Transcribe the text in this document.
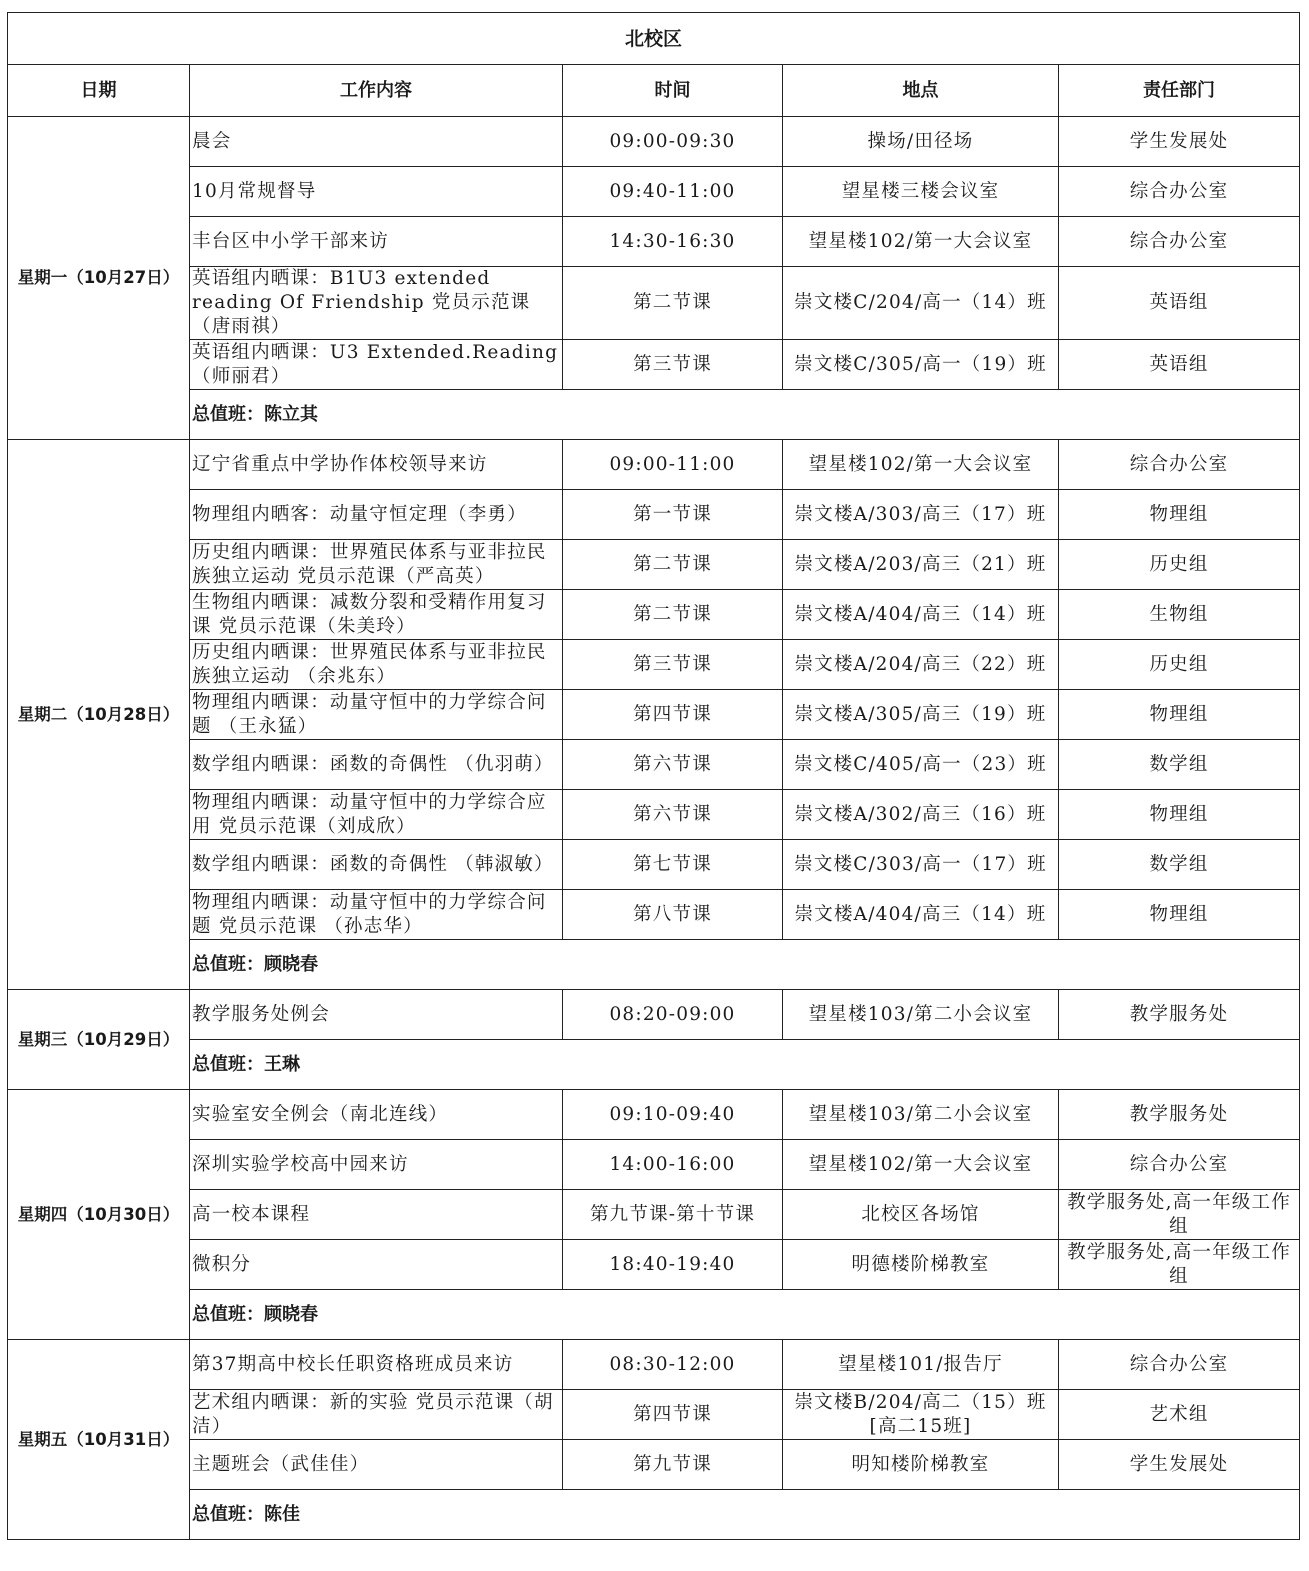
北校区				
日期	工作内容	时间	地点	责任部门
星期一（10月27日）	晨会	09:00-09:30	操场/田径场	学生发展处
	10月常规督导	09:40-11:00	望星楼三楼会议室	综合办公室
	丰台区中小学干部来访	14:30-16:30	望星楼102/第一大会议室	综合办公室
	英语组内晒课：B1U3 extended reading Of Friendship 党员示范课（唐雨祺）	第二节课	崇文楼C/204/高一（14）班	英语组
	英语组内晒课：U3 Extended.Reading （师丽君）	第三节课	崇文楼C/305/高一（19）班	英语组
	总值班：陈立其			
星期二（10月28日）	辽宁省重点中学协作体校领导来访	09:00-11:00	望星楼102/第一大会议室	综合办公室
	物理组内晒客：动量守恒定理（李勇）	第一节课	崇文楼A/303/高三（17）班	物理组
	历史组内晒课：世界殖民体系与亚非拉民族独立运动 党员示范课（严高英）	第二节课	崇文楼A/203/高三（21）班	历史组
	生物组内晒课：减数分裂和受精作用复习课 党员示范课（朱美玲）	第二节课	崇文楼A/404/高三（14）班	生物组
	历史组内晒课：世界殖民体系与亚非拉民族独立运动 （余兆东）	第三节课	崇文楼A/204/高三（22）班	历史组
	物理组内晒课：动量守恒中的力学综合问题 （王永猛）	第四节课	崇文楼A/305/高三（19）班	物理组
	数学组内晒课：函数的奇偶性 （仇羽萌）	第六节课	崇文楼C/405/高一（23）班	数学组
	物理组内晒课：动量守恒中的力学综合应用 党员示范课（刘成欣）	第六节课	崇文楼A/302/高三（16）班	物理组
	数学组内晒课：函数的奇偶性 （韩淑敏）	第七节课	崇文楼C/303/高一（17）班	数学组
	物理组内晒课：动量守恒中的力学综合问题 党员示范课 （孙志华）	第八节课	崇文楼A/404/高三（14）班	物理组
	总值班：顾晓春			
星期三（10月29日）	教学服务处例会	08:20-09:00	望星楼103/第二小会议室	教学服务处
	总值班：王琳			
星期四（10月30日）	实验室安全例会（南北连线）	09:10-09:40	望星楼103/第二小会议室	教学服务处
	深圳实验学校高中园来访	14:00-16:00	望星楼102/第一大会议室	综合办公室
	高一校本课程	第九节课-第十节课	北校区各场馆	教学服务处,高一年级工作组
	微积分	18:40-19:40	明德楼阶梯教室	教学服务处,高一年级工作组
	总值班：顾晓春			
星期五（10月31日）	第37期高中校长任职资格班成员来访	08:30-12:00	望星楼101/报告厅	综合办公室
	艺术组内晒课：新的实验 党员示范课（胡洁）	第四节课	崇文楼B/204/高二（15）班[高二15班]	艺术组
	主题班会（武佳佳）	第九节课	明知楼阶梯教室	学生发展处
	总值班：陈佳			
